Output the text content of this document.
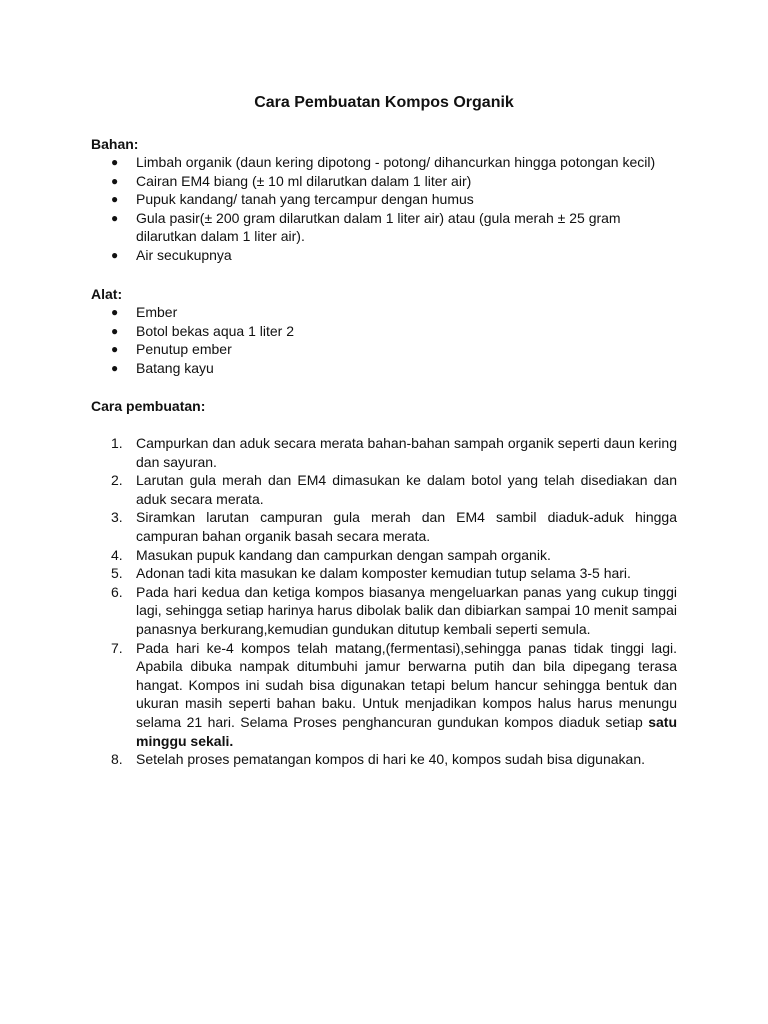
Cara Pembuatan Kompos Organik
Bahan:
● Limbah organik (daun kering dipotong - potong/ dihancurkan hingga potongan kecil)
● Cairan EM4 biang (± 10 ml dilarutkan dalam 1 liter air)
● Pupuk kandang/ tanah yang tercampur dengan humus
● Gula pasir(± 200 gram dilarutkan dalam 1 liter air) atau (gula merah ± 25 gram dilarutkan dalam 1 liter air).
● Air secukupnya
Alat:
● Ember
● Botol bekas aqua 1 liter 2
● Penutup ember
● Batang kayu
Cara pembuatan:
1. Campurkan dan aduk secara merata bahan-bahan sampah organik seperti daun kering dan sayuran.
2. Larutan gula merah dan EM4 dimasukan ke dalam botol yang telah disediakan dan aduk secara merata.
3. Siramkan larutan campuran gula merah dan EM4 sambil diaduk-aduk hingga campuran bahan organik basah secara merata.
4. Masukan pupuk kandang dan campurkan dengan sampah organik.
5. Adonan tadi kita masukan ke dalam komposter kemudian tutup selama 3-5 hari.
6. Pada hari kedua dan ketiga kompos biasanya mengeluarkan panas yang cukup tinggi lagi, sehingga setiap harinya harus dibolak balik dan dibiarkan sampai 10 menit sampai panasnya berkurang,kemudian gundukan ditutup kembali seperti semula.
7. Pada hari ke-4 kompos telah matang,(fermentasi),sehingga panas tidak tinggi lagi. Apabila dibuka nampak ditumbuhi jamur berwarna putih dan bila dipegang terasa hangat. Kompos ini sudah bisa digunakan tetapi belum hancur sehingga bentuk dan ukuran masih seperti bahan baku. Untuk menjadikan kompos halus harus menungu selama 21 hari. Selama Proses penghancuran gundukan kompos diaduk setiap satu minggu sekali.
8. Setelah proses pematangan kompos di hari ke 40, kompos sudah bisa digunakan.
